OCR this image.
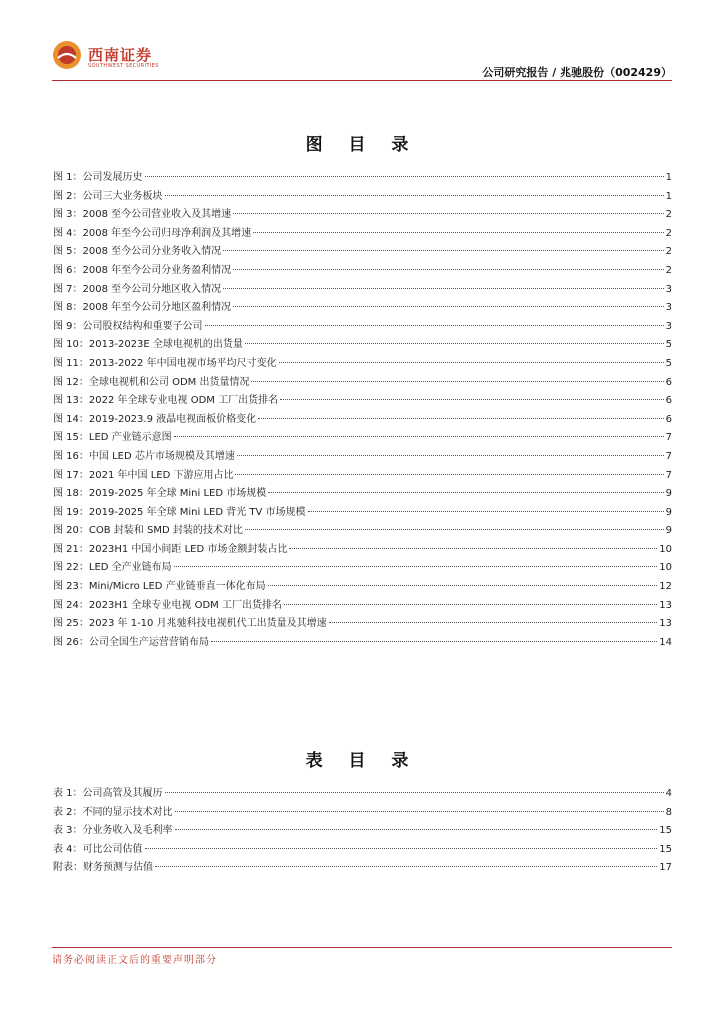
西南证券
SOUTHWEST SECURITIES	公司研究报告 / 兆驰股份（002429）
图 目 录
图 1：公司发展历史	1
图 2：公司三大业务板块	1
图 3：2008 至今公司营业收入及其增速	2
图 4：2008 年至今公司归母净利润及其增速	2
图 5：2008 至今公司分业务收入情况	2
图 6：2008 年至今公司分业务盈利情况	2
图 7：2008 至今公司分地区收入情况	3
图 8：2008 年至今公司分地区盈利情况	3
图 9：公司股权结构和重要子公司	3
图 10：2013-2023E 全球电视机的出货量	5
图 11：2013-2022 年中国电视市场平均尺寸变化	5
图 12：全球电视机和公司 ODM 出货量情况	6
图 13：2022 年全球专业电视 ODM 工厂出货排名	6
图 14：2019-2023.9 液晶电视面板价格变化	6
图 15：LED 产业链示意图	7
图 16：中国 LED 芯片市场规模及其增速	7
图 17：2021 年中国 LED 下游应用占比	7
图 18：2019-2025 年全球 Mini LED 市场规模	9
图 19：2019-2025 年全球 Mini LED 背光 TV 市场规模	9
图 20：COB 封装和 SMD 封装的技术对比	9
图 21：2023H1 中国小间距 LED 市场金额封装占比	10
图 22：LED 全产业链布局	10
图 23：Mini/Micro LED 产业链垂直一体化布局	12
图 24：2023H1 全球专业电视 ODM 工厂出货排名	13
图 25：2023 年 1-10 月兆驰科技电视机代工出货量及其增速	13
图 26：公司全国生产运营营销布局	14
表 目 录
表 1：公司高管及其履历	4
表 2：不同的显示技术对比	8
表 3：分业务收入及毛利率	15
表 4：可比公司估值	15
附表：财务预测与估值	17
请务必阅读正文后的重要声明部分
